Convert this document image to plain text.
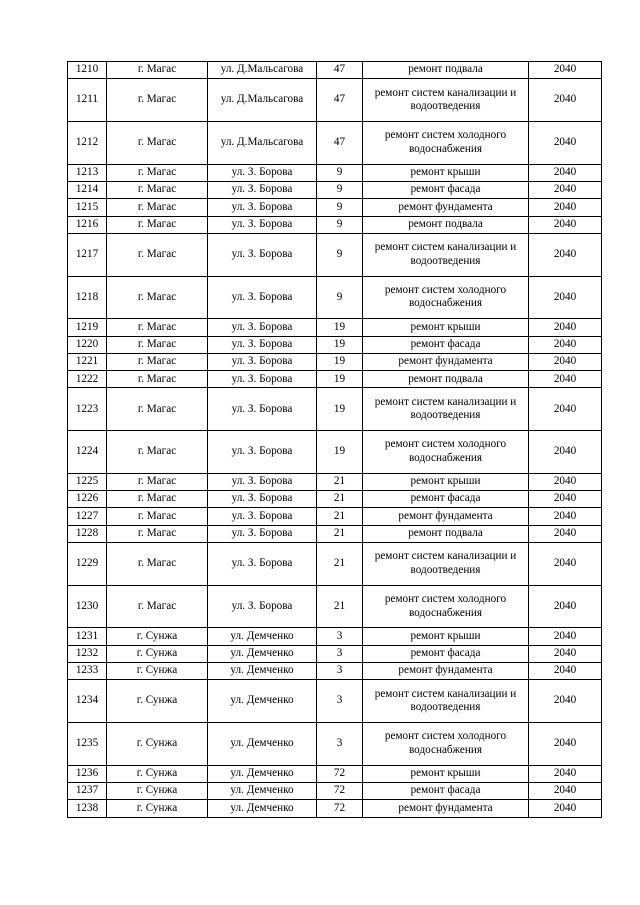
1210	г. Магас	ул. Д.Мальсагова	47	ремонт подвала	2040
1211	г. Магас	ул. Д.Мальсагова	47	ремонт систем канализации и водоотведения	2040
1212	г. Магас	ул. Д.Мальсагова	47	ремонт систем холодного водоснабжения	2040
1213	г. Магас	ул. З. Борова	9	ремонт крыши	2040
1214	г. Магас	ул. З. Борова	9	ремонт фасада	2040
1215	г. Магас	ул. З. Борова	9	ремонт фундамента	2040
1216	г. Магас	ул. З. Борова	9	ремонт подвала	2040
1217	г. Магас	ул. З. Борова	9	ремонт систем канализации и водоотведения	2040
1218	г. Магас	ул. З. Борова	9	ремонт систем холодного водоснабжения	2040
1219	г. Магас	ул. З. Борова	19	ремонт крыши	2040
1220	г. Магас	ул. З. Борова	19	ремонт фасада	2040
1221	г. Магас	ул. З. Борова	19	ремонт фундамента	2040
1222	г. Магас	ул. З. Борова	19	ремонт подвала	2040
1223	г. Магас	ул. З. Борова	19	ремонт систем канализации и водоотведения	2040
1224	г. Магас	ул. З. Борова	19	ремонт систем холодного водоснабжения	2040
1225	г. Магас	ул. З. Борова	21	ремонт крыши	2040
1226	г. Магас	ул. З. Борова	21	ремонт фасада	2040
1227	г. Магас	ул. З. Борова	21	ремонт фундамента	2040
1228	г. Магас	ул. З. Борова	21	ремонт подвала	2040
1229	г. Магас	ул. З. Борова	21	ремонт систем канализации и водоотведения	2040
1230	г. Магас	ул. З. Борова	21	ремонт систем холодного водоснабжения	2040
1231	г. Сунжа	ул. Демченко	3	ремонт крыши	2040
1232	г. Сунжа	ул. Демченко	3	ремонт фасада	2040
1233	г. Сунжа	ул. Демченко	3	ремонт фундамента	2040
1234	г. Сунжа	ул. Демченко	3	ремонт систем канализации и водоотведения	2040
1235	г. Сунжа	ул. Демченко	3	ремонт систем холодного водоснабжения	2040
1236	г. Сунжа	ул. Демченко	72	ремонт крыши	2040
1237	г. Сунжа	ул. Демченко	72	ремонт фасада	2040
1238	г. Сунжа	ул. Демченко	72	ремонт фундамента	2040
